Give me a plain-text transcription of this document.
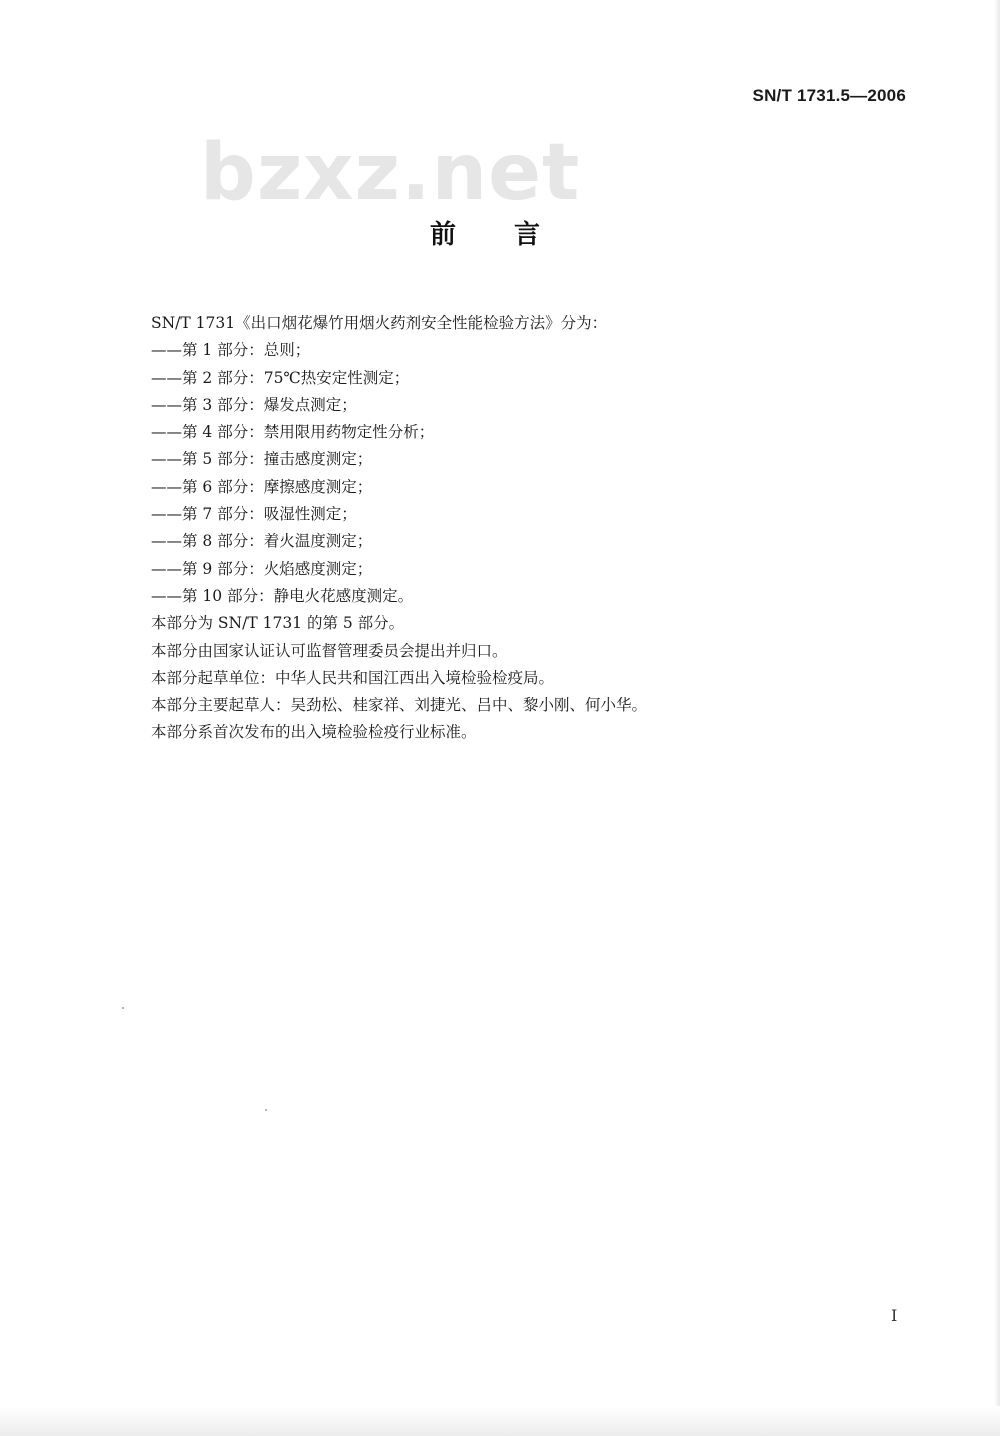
SN/T 1731.5—2006
bzxz.net
前言
SN/T 1731《出口烟花爆竹用烟火药剂安全性能检验方法》分为：
——第 1 部分：总则；
——第 2 部分：75℃热安定性测定；
——第 3 部分：爆发点测定；
——第 4 部分：禁用限用药物定性分析；
——第 5 部分：撞击感度测定；
——第 6 部分：摩擦感度测定；
——第 7 部分：吸湿性测定；
——第 8 部分：着火温度测定；
——第 9 部分：火焰感度测定；
——第 10 部分：静电火花感度测定。
本部分为 SN/T 1731 的第 5 部分。
本部分由国家认证认可监督管理委员会提出并归口。
本部分起草单位：中华人民共和国江西出入境检验检疫局。
本部分主要起草人：吴劲松、桂家祥、刘捷光、吕中、黎小刚、何小华。
本部分系首次发布的出入境检验检疫行业标准。
I
